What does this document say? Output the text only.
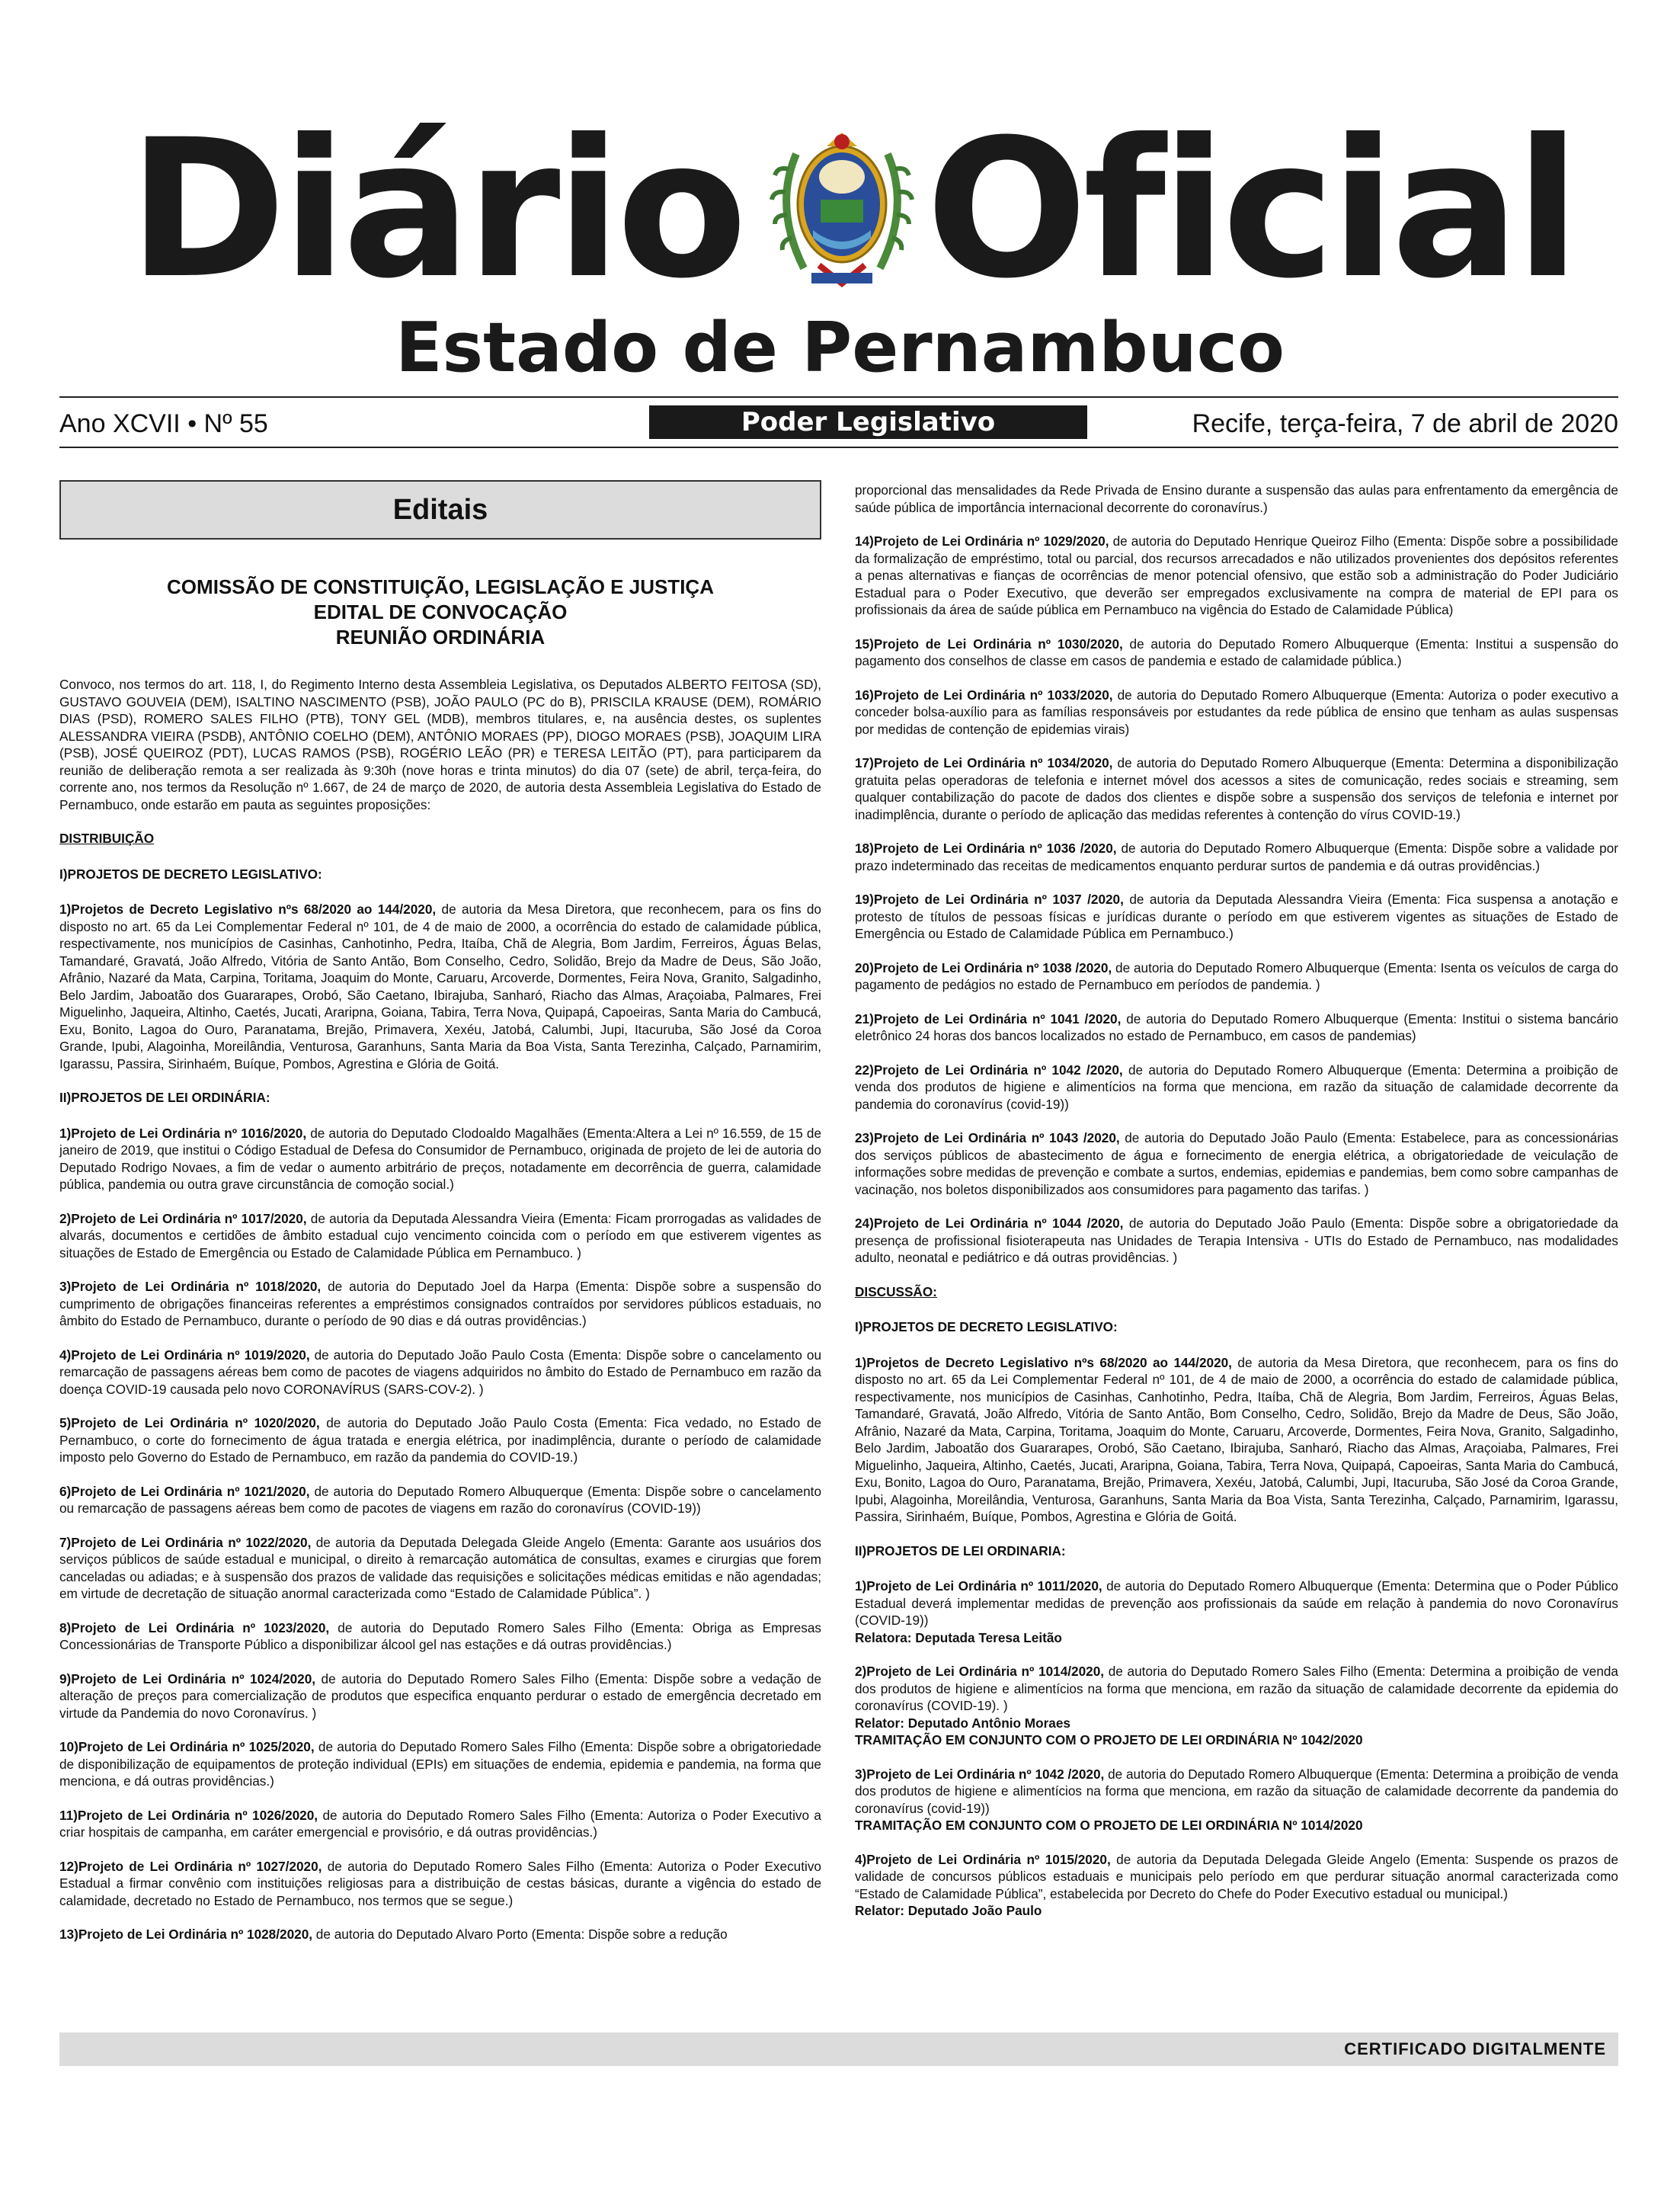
Diário Oficial
Estado de Pernambuco
Ano XCVII • Nº 55	Poder Legislativo	Recife, terça-feira, 7 de abril de 2020
Editais
COMISSÃO DE CONSTITUIÇÃO, LEGISLAÇÃO E JUSTIÇA
EDITAL DE CONVOCAÇÃO
REUNIÃO ORDINÁRIA

Convoco, nos termos do art. 118, I, do Regimento Interno desta Assembleia Legislativa, os Deputados ALBERTO FEITOSA (SD), GUSTAVO GOUVEIA (DEM), ISALTINO NASCIMENTO (PSB), JOÃO PAULO (PC do B), PRISCILA KRAUSE (DEM), ROMÁRIO DIAS (PSD), ROMERO SALES FILHO (PTB), TONY GEL (MDB), membros titulares, e, na ausência destes, os suplentes ALESSANDRA VIEIRA (PSDB), ANTÔNIO COELHO (DEM), ANTÔNIO MORAES (PP), DIOGO MORAES (PSB), JOAQUIM LIRA (PSB), JOSÉ QUEIROZ (PDT), LUCAS RAMOS (PSB), ROGÉRIO LEÃO (PR) e TERESA LEITÃO (PT), para participarem da reunião de deliberação remota a ser realizada às 9:30h (nove horas e trinta minutos) do dia 07 (sete) de abril, terça-feira, do corrente ano, nos termos da Resolução nº 1.667, de 24 de março de 2020, de autoria desta Assembleia Legislativa do Estado de Pernambuco, onde estarão em pauta as seguintes proposições:

DISTRIBUIÇÃO

I)PROJETOS DE DECRETO LEGISLATIVO:

1)Projetos de Decreto Legislativo nºs 68/2020 ao 144/2020, de autoria da Mesa Diretora, que reconhecem, para os fins do disposto no art. 65 da Lei Complementar Federal nº 101, de 4 de maio de 2000, a ocorrência do estado de calamidade pública, respectivamente, nos municípios de Casinhas, Canhotinho, Pedra, Itaíba, Chã de Alegria, Bom Jardim, Ferreiros, Águas Belas, Tamandaré, Gravatá, João Alfredo, Vitória de Santo Antão, Bom Conselho, Cedro, Solidão, Brejo da Madre de Deus, São João, Afrânio, Nazaré da Mata, Carpina, Toritama, Joaquim do Monte, Caruaru, Arcoverde, Dormentes, Feira Nova, Granito, Salgadinho, Belo Jardim, Jaboatão dos Guararapes, Orobó, São Caetano, Ibirajuba, Sanharó, Riacho das Almas, Araçoiaba, Palmares, Frei Miguelinho, Jaqueira, Altinho, Caetés, Jucati, Araripna, Goiana, Tabira, Terra Nova, Quipapá, Capoeiras, Santa Maria do Cambucá, Exu, Bonito, Lagoa do Ouro, Paranatama, Brejão, Primavera, Xexéu, Jatobá, Calumbi, Jupi, Itacuruba, São José da Coroa Grande, Ipubi, Alagoinha, Moreilândia, Venturosa, Garanhuns, Santa Maria da Boa Vista, Santa Terezinha, Calçado, Parnamirim, Igarassu, Passira, Sirinhaém, Buíque, Pombos, Agrestina e Glória de Goitá.

II)PROJETOS DE LEI ORDINÁRIA:

1)Projeto de Lei Ordinária nº 1016/2020, de autoria do Deputado Clodoaldo Magalhães (Ementa:Altera a Lei nº 16.559, de 15 de janeiro de 2019, que institui o Código Estadual de Defesa do Consumidor de Pernambuco, originada de projeto de lei de autoria do Deputado Rodrigo Novaes, a fim de vedar o aumento arbitrário de preços, notadamente em decorrência de guerra, calamidade pública, pandemia ou outra grave circunstância de comoção social.)

2)Projeto de Lei Ordinária nº 1017/2020, de autoria da Deputada Alessandra Vieira (Ementa: Ficam prorrogadas as validades de alvarás, documentos e certidões de âmbito estadual cujo vencimento coincida com o período em que estiverem vigentes as situações de Estado de Emergência ou Estado de Calamidade Pública em Pernambuco. )

3)Projeto de Lei Ordinária nº 1018/2020, de autoria do Deputado Joel da Harpa (Ementa: Dispõe sobre a suspensão do cumprimento de obrigações financeiras referentes a empréstimos consignados contraídos por servidores públicos estaduais, no âmbito do Estado de Pernambuco, durante o período de 90 dias e dá outras providências.)

4)Projeto de Lei Ordinária nº 1019/2020, de autoria do Deputado João Paulo Costa (Ementa: Dispõe sobre o cancelamento ou remarcação de passagens aéreas bem como de pacotes de viagens adquiridos no âmbito do Estado de Pernambuco em razão da doença COVID-19 causada pelo novo CORONAVÍRUS (SARS-COV-2). )

5)Projeto de Lei Ordinária nº 1020/2020, de autoria do Deputado João Paulo Costa (Ementa: Fica vedado, no Estado de Pernambuco, o corte do fornecimento de água tratada e energia elétrica, por inadimplência, durante o período de calamidade imposto pelo Governo do Estado de Pernambuco, em razão da pandemia do COVID-19.)

6)Projeto de Lei Ordinária nº 1021/2020, de autoria do Deputado Romero Albuquerque (Ementa: Dispõe sobre o cancelamento ou remarcação de passagens aéreas bem como de pacotes de viagens em razão do coronavírus (COVID-19))

7)Projeto de Lei Ordinária nº 1022/2020, de autoria da Deputada Delegada Gleide Angelo (Ementa: Garante aos usuários dos serviços públicos de saúde estadual e municipal, o direito à remarcação automática de consultas, exames e cirurgias que forem canceladas ou adiadas; e à suspensão dos prazos de validade das requisições e solicitações médicas emitidas e não agendadas; em virtude de decretação de situação anormal caracterizada como “Estado de Calamidade Pública”. )

8)Projeto de Lei Ordinária nº 1023/2020, de autoria do Deputado Romero Sales Filho (Ementa: Obriga as Empresas Concessionárias de Transporte Público a disponibilizar álcool gel nas estações e dá outras providências.)

9)Projeto de Lei Ordinária nº 1024/2020, de autoria do Deputado Romero Sales Filho (Ementa: Dispõe sobre a vedação de alteração de preços para comercialização de produtos que especifica enquanto perdurar o estado de emergência decretado em virtude da Pandemia do novo Coronavírus. )

10)Projeto de Lei Ordinária nº 1025/2020, de autoria do Deputado Romero Sales Filho (Ementa: Dispõe sobre a obrigatoriedade de disponibilização de equipamentos de proteção individual (EPIs) em situações de endemia, epidemia e pandemia, na forma que menciona, e dá outras providências.)

11)Projeto de Lei Ordinária nº 1026/2020, de autoria do Deputado Romero Sales Filho (Ementa: Autoriza o Poder Executivo a criar hospitais de campanha, em caráter emergencial e provisório, e dá outras providências.)

12)Projeto de Lei Ordinária nº 1027/2020, de autoria do Deputado Romero Sales Filho (Ementa: Autoriza o Poder Executivo Estadual a firmar convênio com instituições religiosas para a distribuição de cestas básicas, durante a vigência do estado de calamidade, decretado no Estado de Pernambuco, nos termos que se segue.)

13)Projeto de Lei Ordinária nº 1028/2020, de autoria do Deputado Alvaro Porto (Ementa: Dispõe sobre a redução

proporcional das mensalidades da Rede Privada de Ensino durante a suspensão das aulas para enfrentamento da emergência de saúde pública de importância internacional decorrente do coronavírus.)

14)Projeto de Lei Ordinária nº 1029/2020, de autoria do Deputado Henrique Queiroz Filho (Ementa: Dispõe sobre a possibilidade da formalização de empréstimo, total ou parcial, dos recursos arrecadados e não utilizados provenientes dos depósitos referentes a penas alternativas e fianças de ocorrências de menor potencial ofensivo, que estão sob a administração do Poder Judiciário Estadual para o Poder Executivo, que deverão ser empregados exclusivamente na compra de material de EPI para os profissionais da área de saúde pública em Pernambuco na vigência do Estado de Calamidade Pública)

15)Projeto de Lei Ordinária nº 1030/2020, de autoria do Deputado Romero Albuquerque (Ementa: Institui a suspensão do pagamento dos conselhos de classe em casos de pandemia e estado de calamidade pública.)

16)Projeto de Lei Ordinária nº 1033/2020, de autoria do Deputado Romero Albuquerque (Ementa: Autoriza o poder executivo a conceder bolsa-auxílio para as famílias responsáveis por estudantes da rede pública de ensino que tenham as aulas suspensas por medidas de contenção de epidemias virais)

17)Projeto de Lei Ordinária nº 1034/2020, de autoria do Deputado Romero Albuquerque (Ementa: Determina a disponibilização gratuita pelas operadoras de telefonia e internet móvel dos acessos a sites de comunicação, redes sociais e streaming, sem qualquer contabilização do pacote de dados dos clientes e dispõe sobre a suspensão dos serviços de telefonia e internet por inadimplência, durante o período de aplicação das medidas referentes à contenção do vírus COVID-19.)

18)Projeto de Lei Ordinária nº 1036 /2020, de autoria do Deputado Romero Albuquerque (Ementa: Dispõe sobre a validade por prazo indeterminado das receitas de medicamentos enquanto perdurar surtos de pandemia e dá outras providências.)

19)Projeto de Lei Ordinária nº 1037 /2020, de autoria da Deputada Alessandra Vieira (Ementa: Fica suspensa a anotação e protesto de títulos de pessoas físicas e jurídicas durante o período em que estiverem vigentes as situações de Estado de Emergência ou Estado de Calamidade Pública em Pernambuco.)

20)Projeto de Lei Ordinária nº 1038 /2020, de autoria do Deputado Romero Albuquerque (Ementa: Isenta os veículos de carga do pagamento de pedágios no estado de Pernambuco em períodos de pandemia. )

21)Projeto de Lei Ordinária nº 1041 /2020, de autoria do Deputado Romero Albuquerque (Ementa: Institui o sistema bancário eletrônico 24 horas dos bancos localizados no estado de Pernambuco, em casos de pandemias)

22)Projeto de Lei Ordinária nº 1042 /2020, de autoria do Deputado Romero Albuquerque (Ementa: Determina a proibição de venda dos produtos de higiene e alimentícios na forma que menciona, em razão da situação de calamidade decorrente da pandemia do coronavírus (covid-19))

23)Projeto de Lei Ordinária nº 1043 /2020, de autoria do Deputado João Paulo (Ementa: Estabelece, para as concessionárias dos serviços públicos de abastecimento de água e fornecimento de energia elétrica, a obrigatoriedade de veiculação de informações sobre medidas de prevenção e combate a surtos, endemias, epidemias e pandemias, bem como sobre campanhas de vacinação, nos boletos disponibilizados aos consumidores para pagamento das tarifas. )

24)Projeto de Lei Ordinária nº 1044 /2020, de autoria do Deputado João Paulo (Ementa: Dispõe sobre a obrigatoriedade da presença de profissional fisioterapeuta nas Unidades de Terapia Intensiva - UTIs do Estado de Pernambuco, nas modalidades adulto, neonatal e pediátrico e dá outras providências. )

DISCUSSÃO:

I)PROJETOS DE DECRETO LEGISLATIVO:

1)Projetos de Decreto Legislativo nºs 68/2020 ao 144/2020, de autoria da Mesa Diretora, que reconhecem, para os fins do disposto no art. 65 da Lei Complementar Federal nº 101, de 4 de maio de 2000, a ocorrência do estado de calamidade pública, respectivamente, nos municípios de Casinhas, Canhotinho, Pedra, Itaíba, Chã de Alegria, Bom Jardim, Ferreiros, Águas Belas, Tamandaré, Gravatá, João Alfredo, Vitória de Santo Antão, Bom Conselho, Cedro, Solidão, Brejo da Madre de Deus, São João, Afrânio, Nazaré da Mata, Carpina, Toritama, Joaquim do Monte, Caruaru, Arcoverde, Dormentes, Feira Nova, Granito, Salgadinho, Belo Jardim, Jaboatão dos Guararapes, Orobó, São Caetano, Ibirajuba, Sanharó, Riacho das Almas, Araçoiaba, Palmares, Frei Miguelinho, Jaqueira, Altinho, Caetés, Jucati, Araripna, Goiana, Tabira, Terra Nova, Quipapá, Capoeiras, Santa Maria do Cambucá, Exu, Bonito, Lagoa do Ouro, Paranatama, Brejão, Primavera, Xexéu, Jatobá, Calumbi, Jupi, Itacuruba, São José da Coroa Grande, Ipubi, Alagoinha, Moreilândia, Venturosa, Garanhuns, Santa Maria da Boa Vista, Santa Terezinha, Calçado, Parnamirim, Igarassu, Passira, Sirinhaém, Buíque, Pombos, Agrestina e Glória de Goitá.

II)PROJETOS DE LEI ORDINARIA:

1)Projeto de Lei Ordinária nº 1011/2020, de autoria do Deputado Romero Albuquerque (Ementa: Determina que o Poder Público Estadual deverá implementar medidas de prevenção aos profissionais da saúde em relação à pandemia do novo Coronavírus (COVID-19))
Relatora: Deputada Teresa Leitão

2)Projeto de Lei Ordinária nº 1014/2020, de autoria do Deputado Romero Sales Filho (Ementa: Determina a proibição de venda dos produtos de higiene e alimentícios na forma que menciona, em razão da situação de calamidade decorrente da epidemia do coronavírus (COVID-19). )
Relator: Deputado Antônio Moraes
TRAMITAÇÃO EM CONJUNTO COM O PROJETO DE LEI ORDINÁRIA Nº 1042/2020

3)Projeto de Lei Ordinária nº 1042 /2020, de autoria do Deputado Romero Albuquerque (Ementa: Determina a proibição de venda dos produtos de higiene e alimentícios na forma que menciona, em razão da situação de calamidade decorrente da pandemia do coronavírus (covid-19))
TRAMITAÇÃO EM CONJUNTO COM O PROJETO DE LEI ORDINÁRIA Nº 1014/2020

4)Projeto de Lei Ordinária nº 1015/2020, de autoria da Deputada Delegada Gleide Angelo (Ementa: Suspende os prazos de validade de concursos públicos estaduais e municipais pelo período em que perdurar situação anormal caracterizada como “Estado de Calamidade Pública”, estabelecida por Decreto do Chefe do Poder Executivo estadual ou municipal.)
Relator: Deputado João Paulo

CERTIFICADO DIGITALMENTE
